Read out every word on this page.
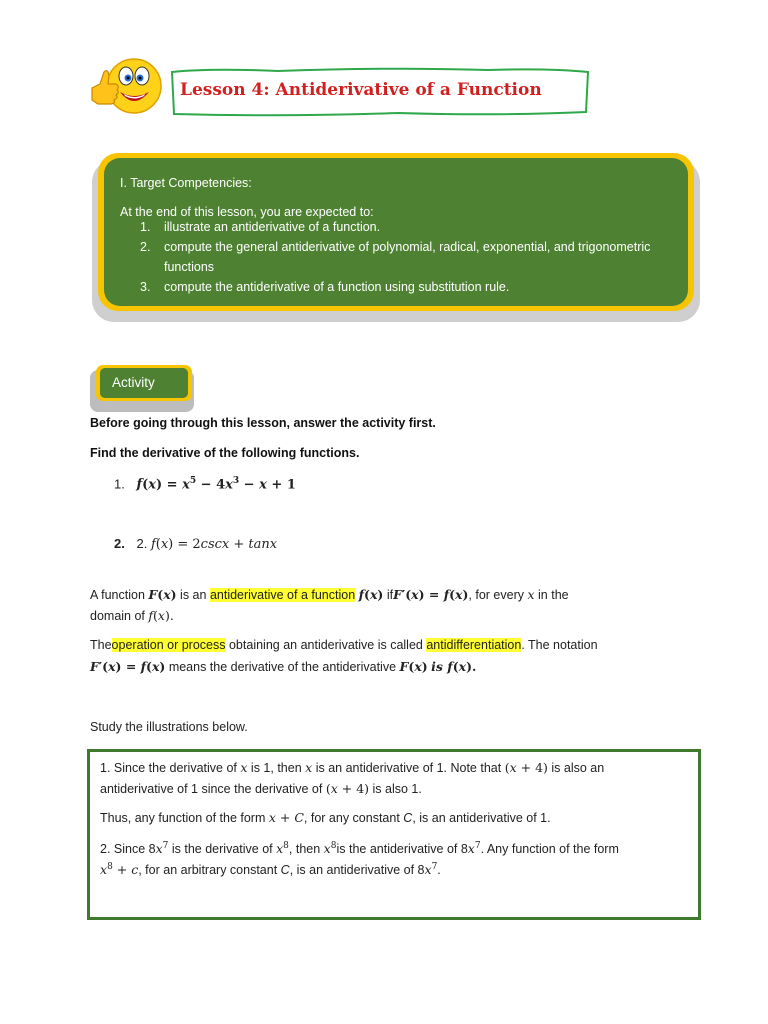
Lesson 4: Antiderivative of a Function
I. Target Competencies:
At the end of this lesson, you are expected to:
1. illustrate an antiderivative of a function.
2. compute the general antiderivative of polynomial, radical, exponential, and trigonometric
functions
3. compute the antiderivative of a function using substitution rule.
Activity
Before going through this lesson, answer the activity first.
Find the derivative of the following functions.
1. $f(x) = x^5 - 4x^3 - x + 1$
2. 2. f(x) = 2cscx + tanx
A function F(x) is an antiderivative of a function f(x) ifF′(x) = f(x), for every x in the
domain of f(x).
Theoperation or process obtaining an antiderivative is called antidifferentiation. The notation
F′(x) = f(x) means the derivative of the antiderivative F(x) is f(x).
Study the illustrations below.
1. Since the derivative of x is 1, then x is an antiderivative of 1. Note that (x + 4) is also an
antiderivative of 1 since the derivative of (x + 4) is also 1.
Thus, any function of the form x + C, for any constant C, is an antiderivative of 1.
2. Since $8x^7$ is the derivative of $x^8$, then $x^8is$ the antiderivative of $8x^7$. Any function of the form
$x^8 + c$, for an arbitrary constant C, is an antiderivative of $8x^7$.
